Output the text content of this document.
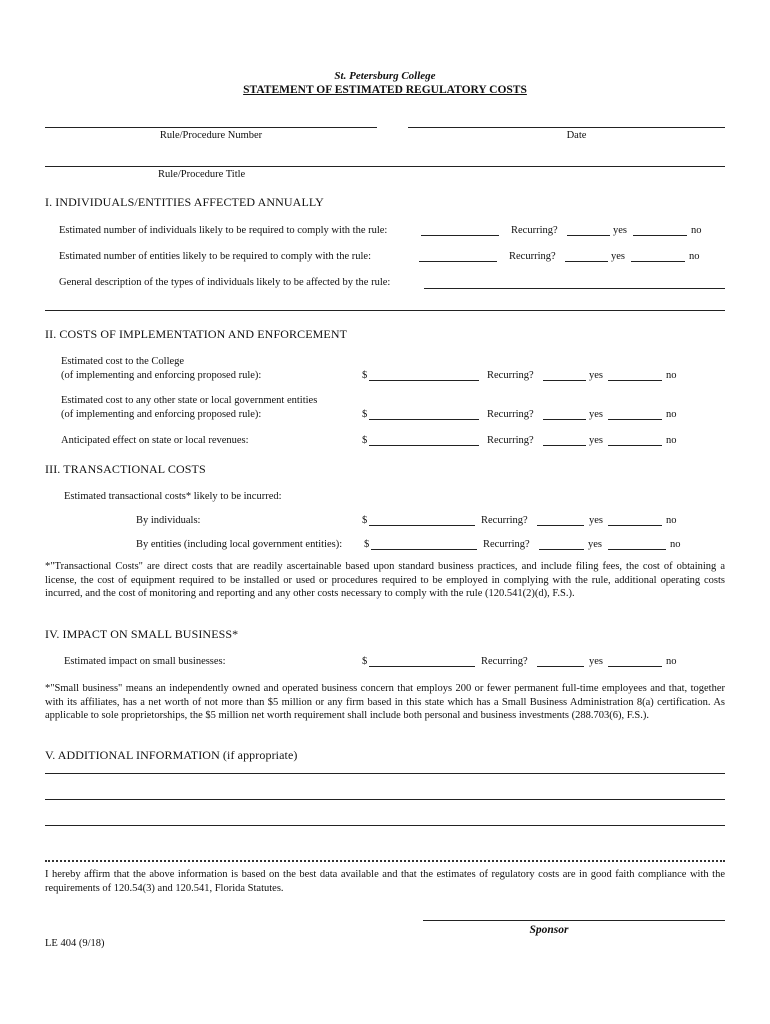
St. Petersburg College
STATEMENT OF ESTIMATED REGULATORY COSTS
Rule/Procedure Number	Date
Rule/Procedure Title
I. INDIVIDUALS/ENTITIES AFFECTED ANNUALLY
Estimated number of individuals likely to be required to comply with the rule:	Recurring?	yes	no
Estimated number of entities likely to be required to comply with the rule:	Recurring?	yes	no
General description of the types of individuals likely to be affected by the rule:
II. COSTS OF IMPLEMENTATION AND ENFORCEMENT
Estimated cost to the College
(of implementing and enforcing proposed rule):	$	Recurring?	yes	no
Estimated cost to any other state or local government entities
(of implementing and enforcing proposed rule):	$	Recurring?	yes	no
Anticipated effect on state or local revenues:	$	Recurring?	yes	no
III. TRANSACTIONAL COSTS
Estimated transactional costs* likely to be incurred:
By individuals:	$	Recurring?	yes	no
By entities (including local government entities): $	Recurring?	yes	no
*"Transactional Costs" are direct costs that are readily ascertainable based upon standard business practices, and include filing fees, the cost of obtaining a license, the cost of equipment required to be installed or used or procedures required to be employed in complying with the rule, additional operating costs incurred, and the cost of monitoring and reporting and any other costs necessary to comply with the rule (120.541(2)(d), F.S.).
IV. IMPACT ON SMALL BUSINESS*
Estimated impact on small businesses:	$	Recurring?	yes	no
*"Small business" means an independently owned and operated business concern that employs 200 or fewer permanent full-time employees and that, together with its affiliates, has a net worth of not more than $5 million or any firm based in this state which has a Small Business Administration 8(a) certification. As applicable to sole proprietorships, the $5 million net worth requirement shall include both personal and business investments (288.703(6), F.S.).
V. ADDITIONAL INFORMATION (if appropriate)
I hereby affirm that the above information is based on the best data available and that the estimates of regulatory costs are in good faith compliance with the requirements of 120.54(3) and 120.541, Florida Statutes.
Sponsor
LE 404 (9/18)
